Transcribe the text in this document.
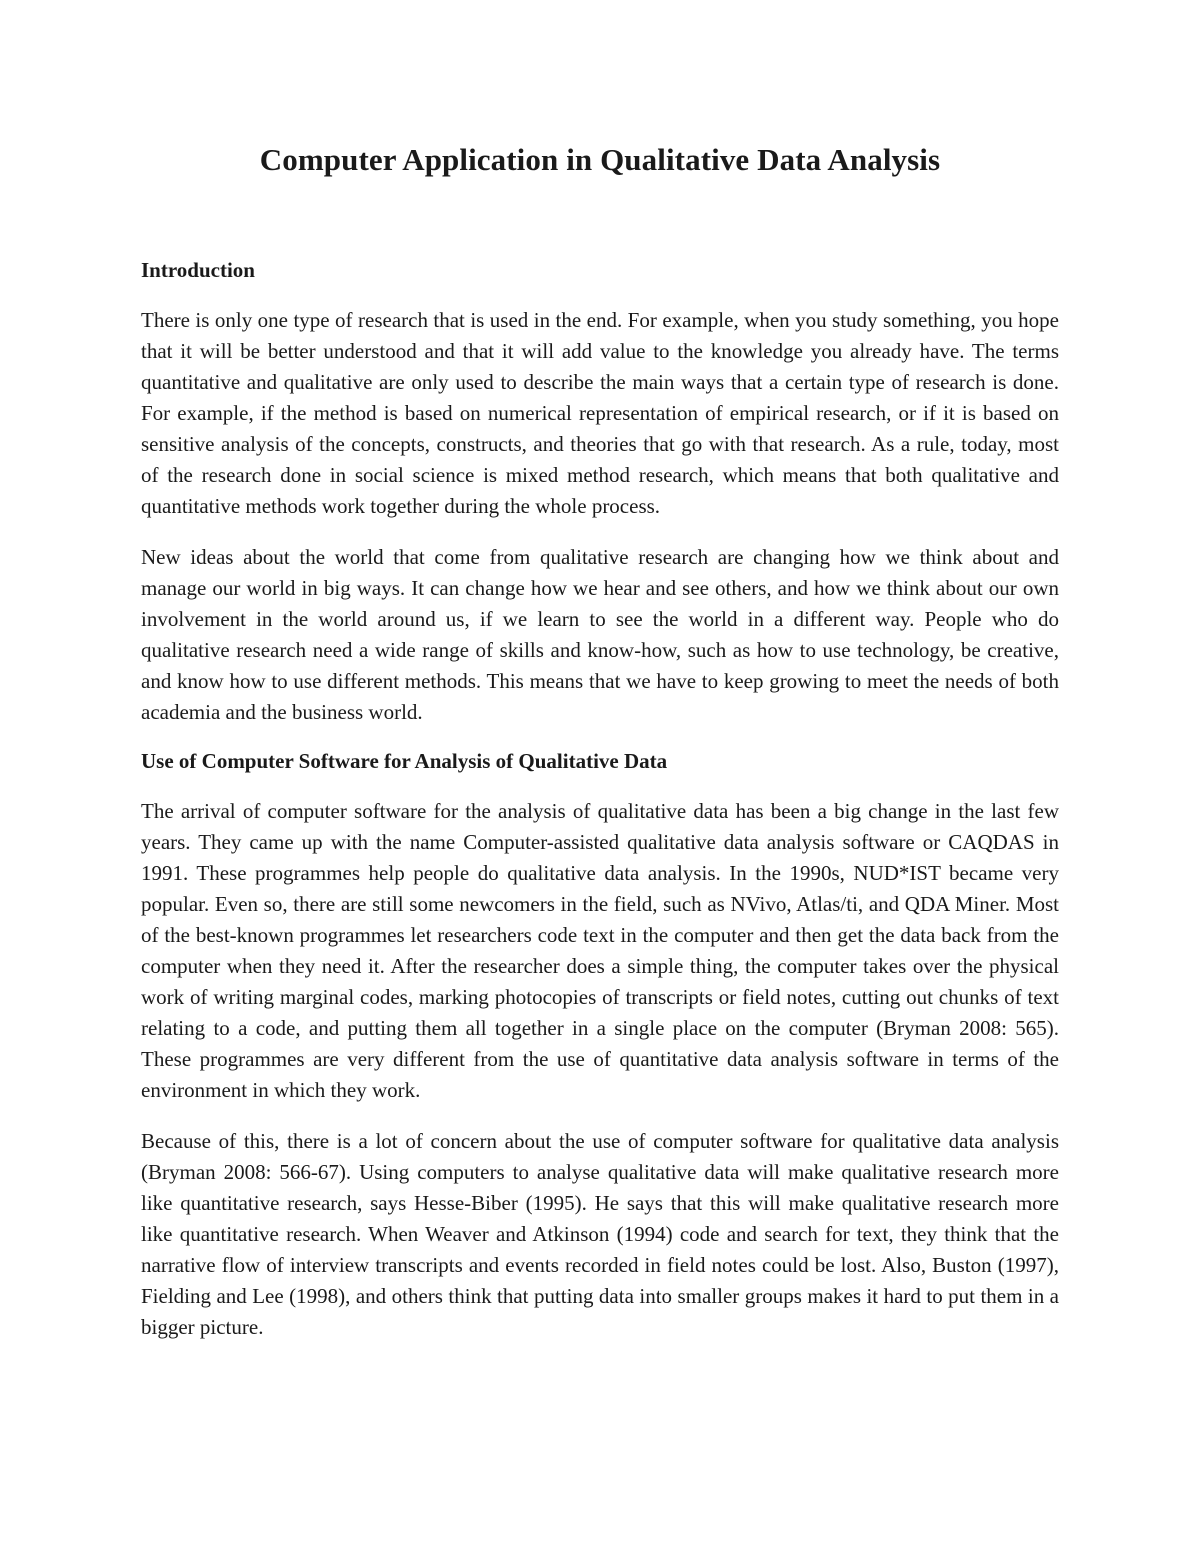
Computer Application in Qualitative Data Analysis
Introduction

There is only one type of research that is used in the end. For example, when you study something, you hope that it will be better understood and that it will add value to the knowledge you already have. The terms quantitative and qualitative are only used to describe the main ways that a certain type of research is done. For example, if the method is based on numerical representation of empirical research, or if it is based on sensitive analysis of the concepts, constructs, and theories that go with that research. As a rule, today, most of the research done in social science is mixed method research, which means that both qualitative and quantitative methods work together during the whole process.

New ideas about the world that come from qualitative research are changing how we think about and manage our world in big ways. It can change how we hear and see others, and how we think about our own involvement in the world around us, if we learn to see the world in a different way. People who do qualitative research need a wide range of skills and know-how, such as how to use technology, be creative, and know how to use different methods. This means that we have to keep growing to meet the needs of both academia and the business world.

Use of Computer Software for Analysis of Qualitative Data

The arrival of computer software for the analysis of qualitative data has been a big change in the last few years. They came up with the name Computer-assisted qualitative data analysis software or CAQDAS in 1991. These programmes help people do qualitative data analysis. In the 1990s, NUD*IST became very popular. Even so, there are still some newcomers in the field, such as NVivo, Atlas/ti, and QDA Miner. Most of the best-known programmes let researchers code text in the computer and then get the data back from the computer when they need it. After the researcher does a simple thing, the computer takes over the physical work of writing marginal codes, marking photocopies of transcripts or field notes, cutting out chunks of text relating to a code, and putting them all together in a single place on the computer (Bryman 2008: 565). These programmes are very different from the use of quantitative data analysis software in terms of the environment in which they work.

Because of this, there is a lot of concern about the use of computer software for qualitative data analysis (Bryman 2008: 566-67). Using computers to analyse qualitative data will make qualitative research more like quantitative research, says Hesse-Biber (1995). He says that this will make qualitative research more like quantitative research. When Weaver and Atkinson (1994) code and search for text, they think that the narrative flow of interview transcripts and events recorded in field notes could be lost. Also, Buston (1997), Fielding and Lee (1998), and others think that putting data into smaller groups makes it hard to put them in a bigger picture.
